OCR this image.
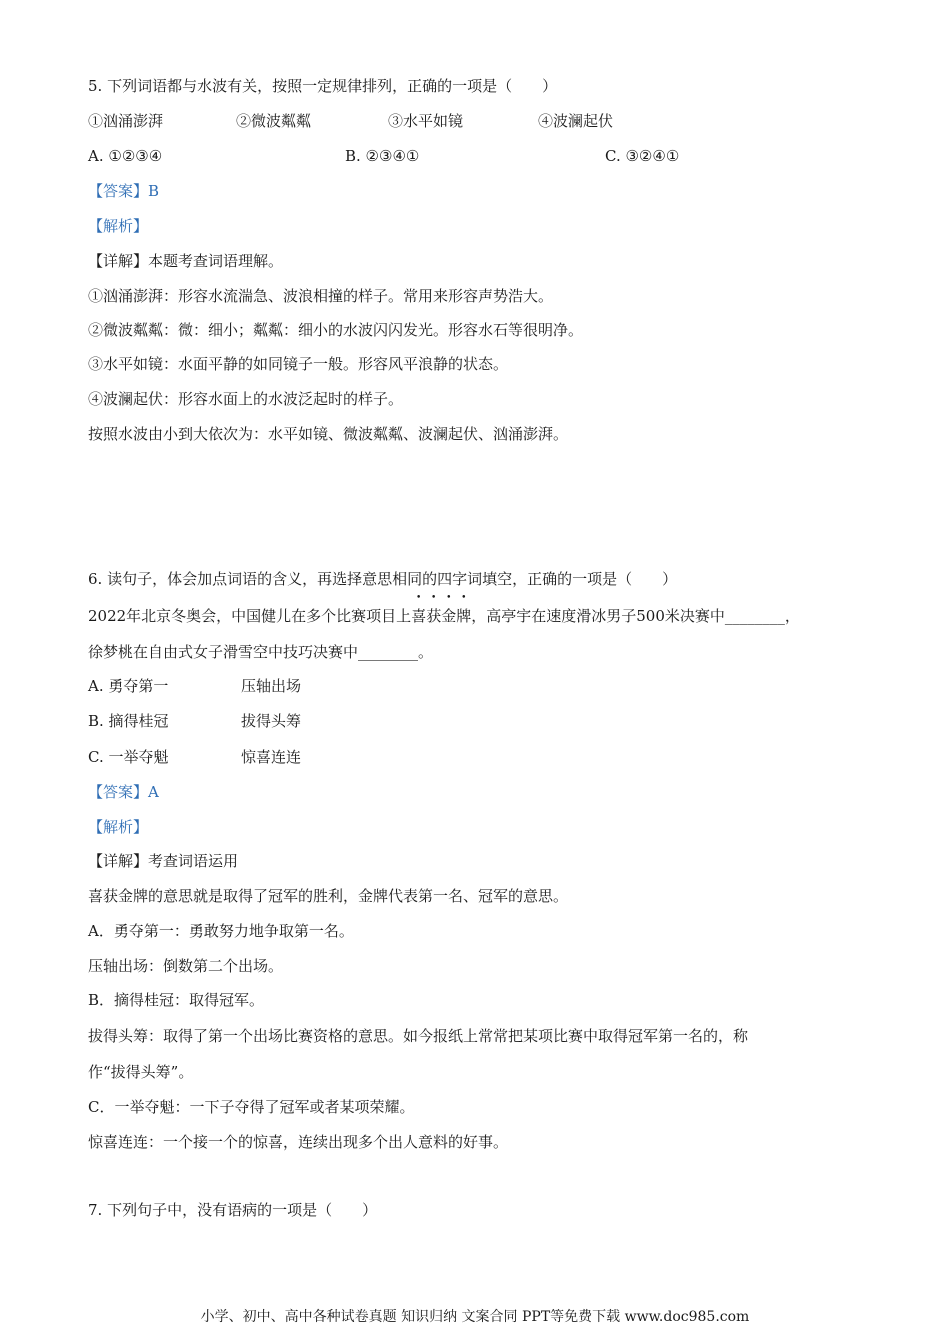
5. 下列词语都与水波有关，按照一定规律排列，正确的一项是（　　）
①汹涌澎湃	②微波粼粼	③水平如镜	④波澜起伏
A. ①②③④	B. ②③④①	C. ③②④①
【答案】B
【解析】
【详解】本题考查词语理解。
①汹涌澎湃：形容水流湍急、波浪相撞的样子。常用来形容声势浩大。
②微波粼粼：微：细小；粼粼：细小的水波闪闪发光。形容水石等很明净。
③水平如镜：水面平静的如同镜子一般。形容风平浪静的状态。
④波澜起伏：形容水面上的水波泛起时的样子。
按照水波由小到大依次为：水平如镜、微波粼粼、波澜起伏、汹涌澎湃。
6. 读句子，体会加点词语的含义，再选择意思相同的四字词填空，正确的一项是（　　）
2022年北京冬奥会，中国健儿在多个比赛项目上喜获金牌，高亭宇在速度滑冰男子500米决赛中________，
徐梦桃在自由式女子滑雪空中技巧决赛中________。
A. 勇夺第一	压轴出场
B. 摘得桂冠	拔得头筹
C. 一举夺魁	惊喜连连
【答案】A
【解析】
【详解】考查词语运用
喜获金牌的意思就是取得了冠军的胜利，金牌代表第一名、冠军的意思。
A．勇夺第一：勇敢努力地争取第一名。
压轴出场：倒数第二个出场。
B．摘得桂冠：取得冠军。
拔得头筹：取得了第一个出场比赛资格的意思。如今报纸上常常把某项比赛中取得冠军第一名的，称
作“拔得头筹”。
C．一举夺魁：一下子夺得了冠军或者某项荣耀。
惊喜连连：一个接一个的惊喜，连续出现多个出人意料的好事。
7. 下列句子中，没有语病的一项是（　　）
小学、初中、高中各种试卷真题 知识归纳 文案合同 PPT等免费下载 www.doc985.com
